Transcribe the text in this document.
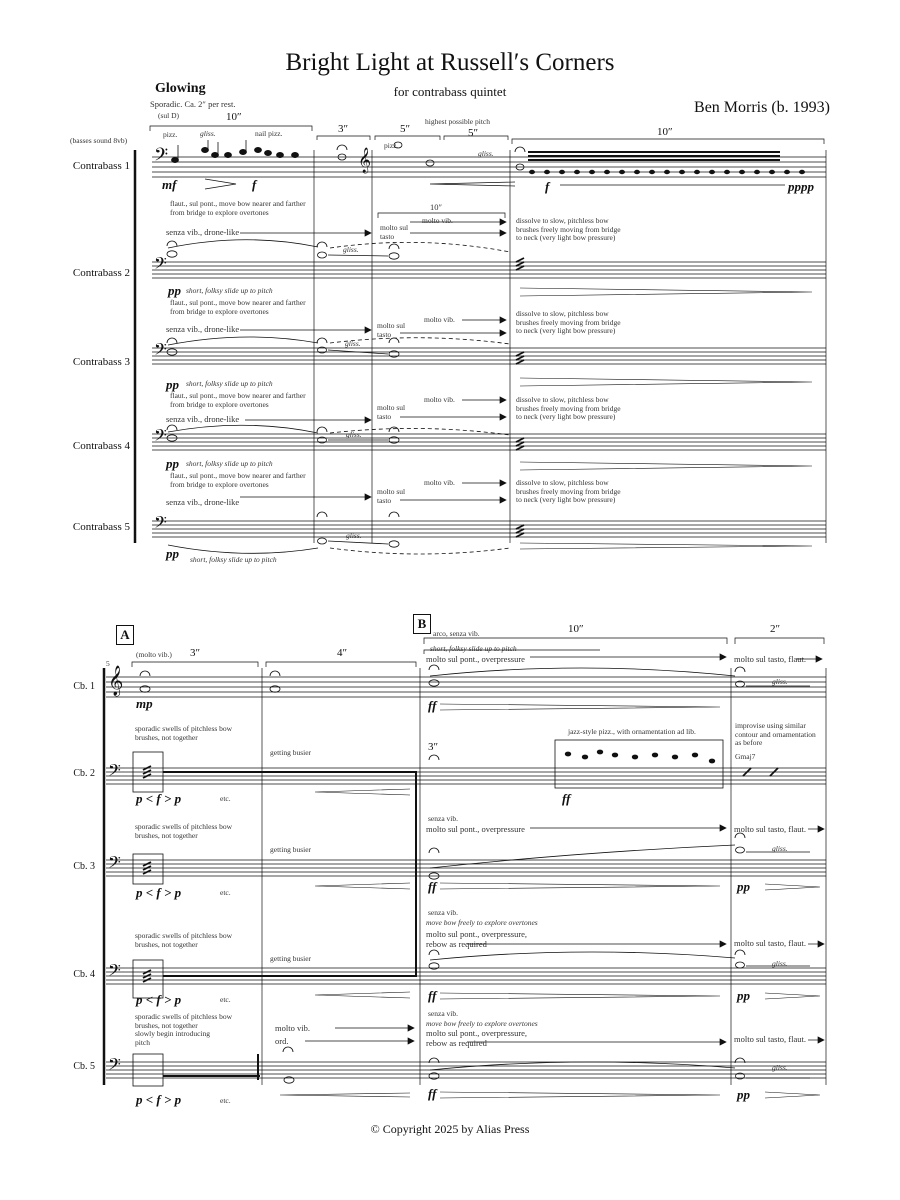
Bright Light at Russell′s Corners
for contrabass quintet
Ben Morris (b. 1993)
Glowing
Sporadic. Ca. 2″ per rest.
(sul D)
(basses sound 8vb)
Contrabass 1
Contrabass 2
Contrabass 3
Contrabass 4
Contrabass 5
10″
3″	5″	5″	10″
highest possible pitch
pizz.	gliss.	nail pizz.
pizz.
gliss.
mf	f	f	pppp
flaut., sul pont., move bow nearer and farther from bridge to explore overtones
senza vib., drone-like
gliss.
10″
molto vib.
molto sul tasto
dissolve to slow, pitchless bow brushes freely moving from bridge to neck (very light bow pressure)
pp short, folksy slide up to pitch
flaut., sul pont., move bow nearer and farther from bridge to explore overtones
senza vib., drone-like
gliss.
molto vib.
molto sul tasto
dissolve to slow, pitchless bow brushes freely moving from bridge to neck (very light bow pressure)
pp short, folksy slide up to pitch
flaut., sul pont., move bow nearer and farther from bridge to explore overtones
senza vib., drone-like
gliss.
molto vib.
molto sul tasto
dissolve to slow, pitchless bow brushes freely moving from bridge to neck (very light bow pressure)
pp short, folksy slide up to pitch
flaut., sul pont., move bow nearer and farther from bridge to explore overtones
senza vib., drone-like
gliss.
molto vib.
molto sul tasto
dissolve to slow, pitchless bow brushes freely moving from bridge to neck (very light bow pressure)
pp short, folksy slide up to pitch
A
B
5
Cb. 1
Cb. 2
Cb. 3
Cb. 4
Cb. 5
3″	4″
10″	2″
(molto vib.)
mp
arco, senza vib.
short, folksy slide up to pitch
molto sul pont., overpressure	molto sul tasto, flaut.
gliss.
ff
sporadic swells of pitchless bow brushes, not together
getting busier	3″
jazz-style pizz., with ornamentation ad lib.
ff
improvise using similar contour and ornamentation as before
Gmaj7
p < f > p	etc.
sporadic swells of pitchless bow brushes, not together
getting busier
senza vib.
molto sul pont., overpressure	molto sul tasto, flaut.
gliss.
ff	pp
p < f > p	etc.
sporadic swells of pitchless bow brushes, not together
getting busier
senza vib.
move bow freely to explore overtones
molto sul pont., overpressure, rebow as required	molto sul tasto, flaut.
gliss.
ff	pp
p < f > p	etc.
sporadic swells of pitchless bow brushes, not together
slowly begin introducing pitch
molto vib.
ord.
senza vib.
move bow freely to explore overtones
molto sul pont., overpressure, rebow as required	molto sul tasto, flaut.
gliss.
ff	pp
p < f > p	etc.
𝄢
𝄢
𝄢
𝄢
𝄢
𝄞
𝄞
𝄢
𝄢
𝄢
𝄢
© Copyright 2025 by Alias Press
